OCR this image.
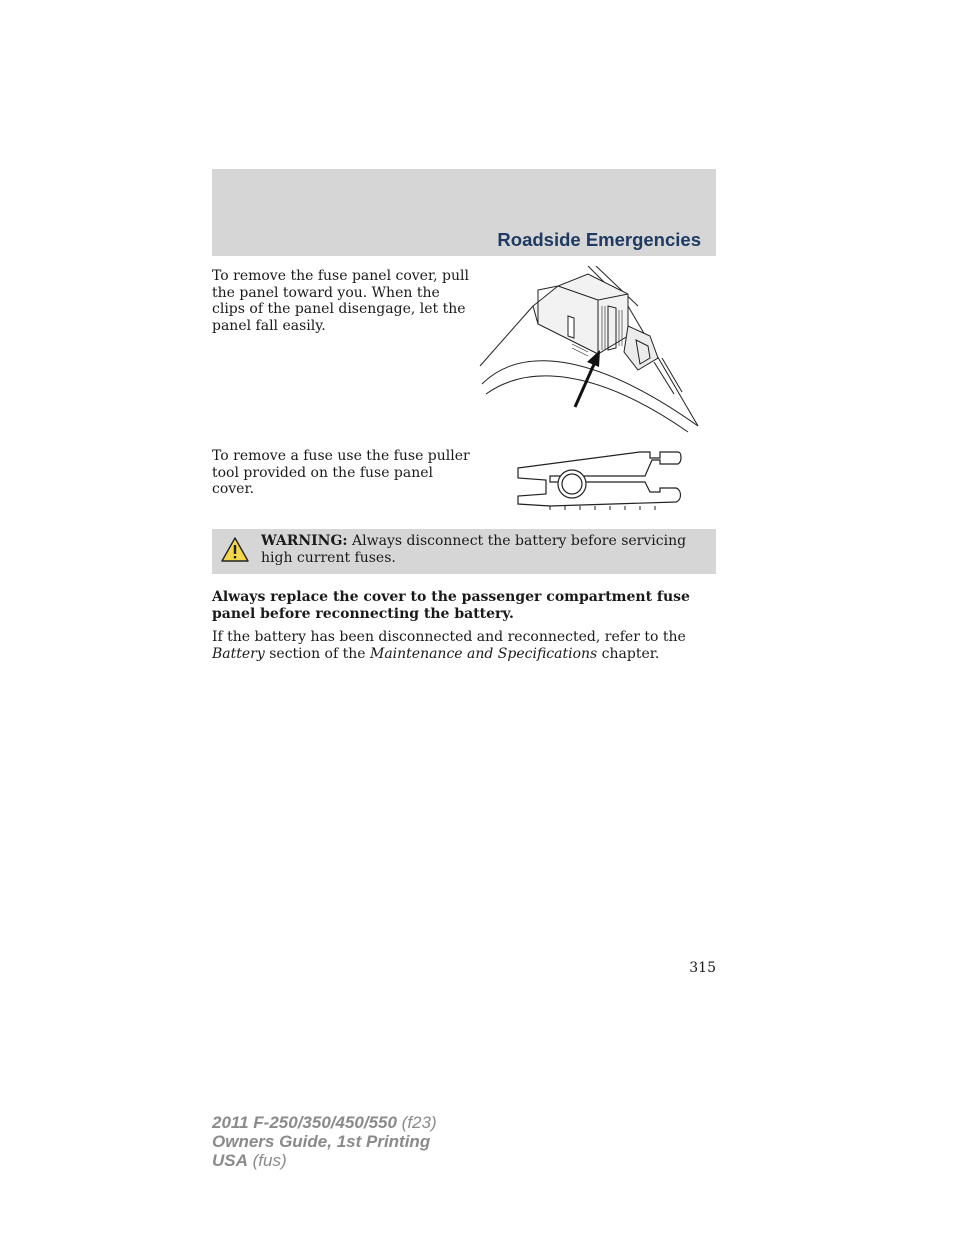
Roadside Emergencies

To remove the fuse panel cover, pull the panel toward you. When the clips of the panel disengage, let the panel fall easily.

To remove a fuse use the fuse puller tool provided on the fuse panel cover.

WARNING: Always disconnect the battery before servicing high current fuses.

Always replace the cover to the passenger compartment fuse panel before reconnecting the battery.

If the battery has been disconnected and reconnected, refer to the Battery section of the Maintenance and Specifications chapter.

315
2011 F-250/350/450/550 (f23)
Owners Guide, 1st Printing
USA (fus)
